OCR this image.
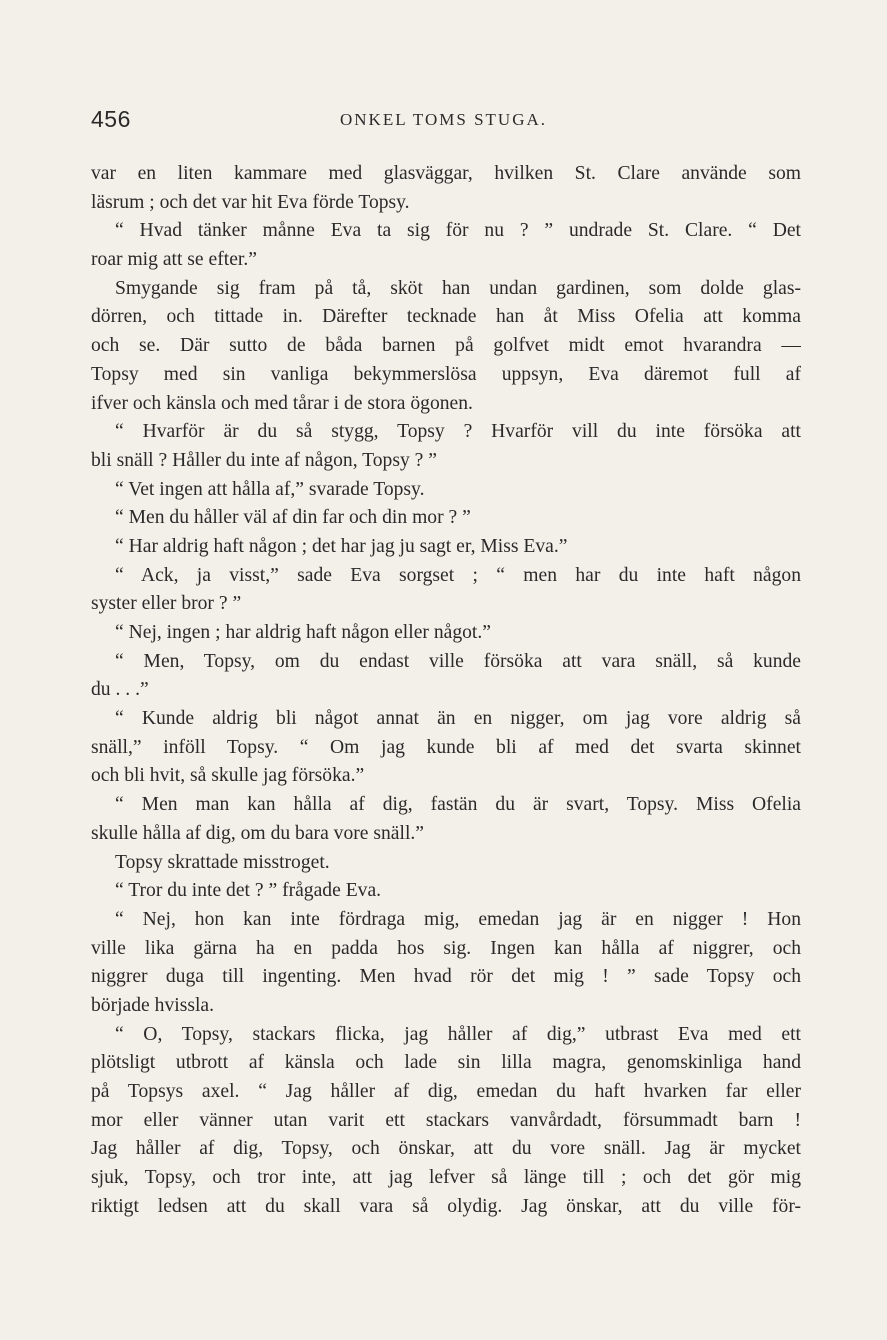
456	ONKEL TOMS STUGA.
var en liten kammare med glasväggar, hvilken St. Clare använde som
läsrum ; och det var hit Eva förde Topsy.
“ Hvad tänker månne Eva ta sig för nu ? ” undrade St. Clare. “ Det
roar mig att se efter.”
Smygande sig fram på tå, sköt han undan gardinen, som dolde glas-
dörren, och tittade in. Därefter tecknade han åt Miss Ofelia att komma
och se. Där sutto de båda barnen på golfvet midt emot hvarandra —
Topsy med sin vanliga bekymmerslösa uppsyn, Eva däremot full af
ifver och känsla och med tårar i de stora ögonen.
“ Hvarför är du så stygg, Topsy ? Hvarför vill du inte försöka att
bli snäll ? Håller du inte af någon, Topsy ? ”
“ Vet ingen att hålla af,” svarade Topsy.
“ Men du håller väl af din far och din mor ? ”
“ Har aldrig haft någon ; det har jag ju sagt er, Miss Eva.”
“ Ack, ja visst,” sade Eva sorgset ; “ men har du inte haft någon
syster eller bror ? ”
“ Nej, ingen ; har aldrig haft någon eller något.”
“ Men, Topsy, om du endast ville försöka att vara snäll, så kunde
du . . .”
“ Kunde aldrig bli något annat än en nigger, om jag vore aldrig så
snäll,” inföll Topsy. “ Om jag kunde bli af med det svarta skinnet
och bli hvit, så skulle jag försöka.”
“ Men man kan hålla af dig, fastän du är svart, Topsy. Miss Ofelia
skulle hålla af dig, om du bara vore snäll.”
Topsy skrattade misstroget.
“ Tror du inte det ? ” frågade Eva.
“ Nej, hon kan inte fördraga mig, emedan jag är en nigger ! Hon
ville lika gärna ha en padda hos sig. Ingen kan hålla af niggrer, och
niggrer duga till ingenting. Men hvad rör det mig ! ” sade Topsy och
började hvissla.
“ O, Topsy, stackars flicka, jag håller af dig,” utbrast Eva med ett
plötsligt utbrott af känsla och lade sin lilla magra, genomskinliga hand
på Topsys axel. “ Jag håller af dig, emedan du haft hvarken far eller
mor eller vänner utan varit ett stackars vanvårdadt, försummadt barn !
Jag håller af dig, Topsy, och önskar, att du vore snäll. Jag är mycket
sjuk, Topsy, och tror inte, att jag lefver så länge till ; och det gör mig
riktigt ledsen att du skall vara så olydig. Jag önskar, att du ville för-
